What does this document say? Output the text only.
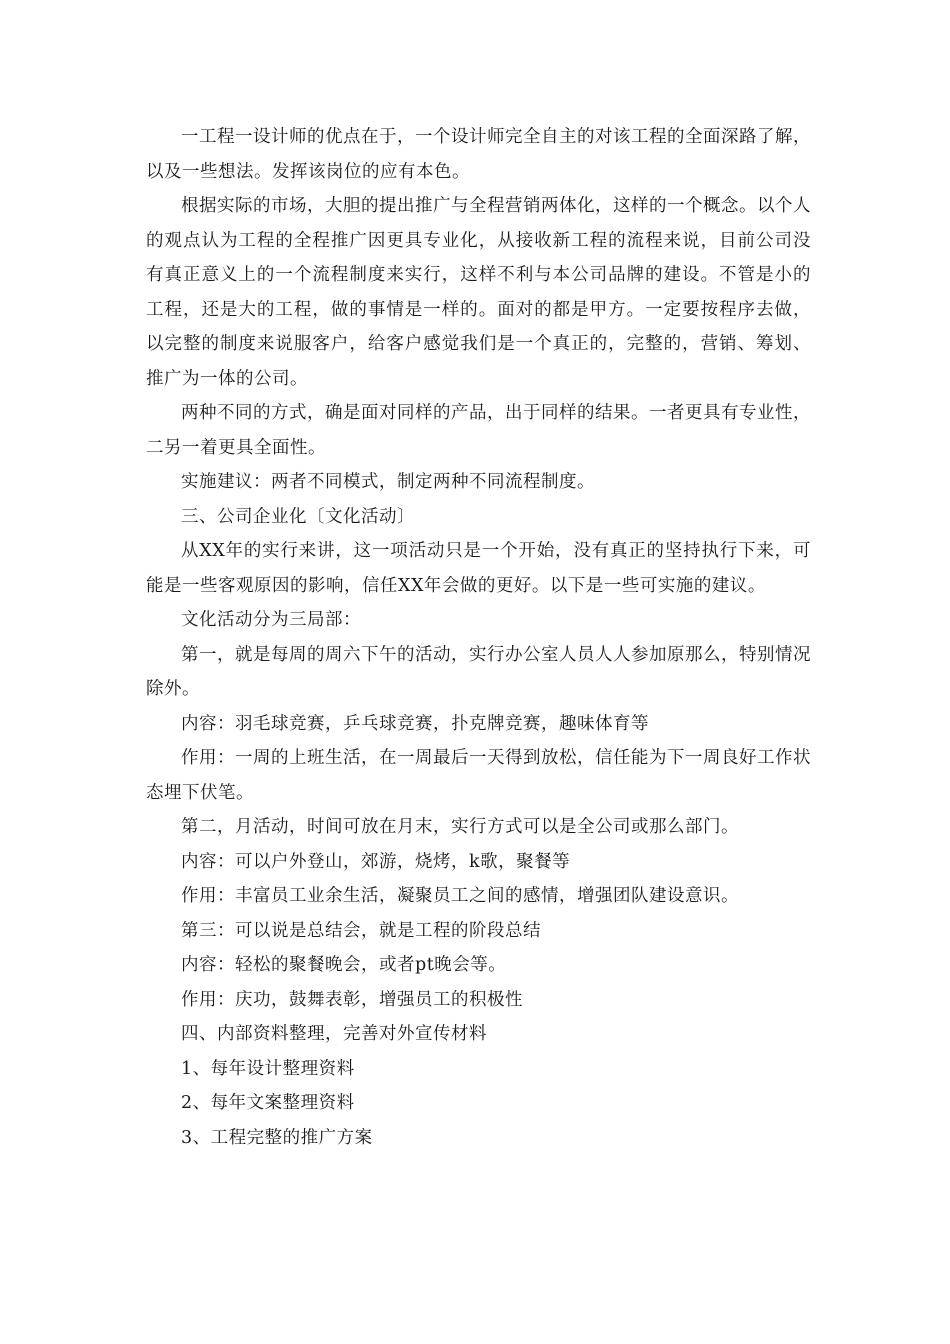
一工程一设计师的优点在于，一个设计师完全自主的对该工程的全面深路了解，以及一些想法。发挥该岗位的应有本色。

根据实际的市场，大胆的提出推广与全程营销两体化，这样的一个概念。以个人的观点认为工程的全程推广因更具专业化，从接收新工程的流程来说，目前公司没有真正意义上的一个流程制度来实行，这样不利与本公司品牌的建设。不管是小的工程，还是大的工程，做的事情是一样的。面对的都是甲方。一定要按程序去做，以完整的制度来说服客户，给客户感觉我们是一个真正的，完整的，营销、筹划、推广为一体的公司。

两种不同的方式，确是面对同样的产品，出于同样的结果。一者更具有专业性，二另一着更具全面性。

实施建议：两者不同模式，制定两种不同流程制度。

三、公司企业化〔文化活动〕

从XX年的实行来讲，这一项活动只是一个开始，没有真正的坚持执行下来，可能是一些客观原因的影响，信任XX年会做的更好。以下是一些可实施的建议。

文化活动分为三局部：

第一，就是每周的周六下午的活动，实行办公室人员人人参加原那么，特别情况除外。

内容：羽毛球竞赛，乒乓球竞赛，扑克牌竞赛，趣味体育等

作用：一周的上班生活，在一周最后一天得到放松，信任能为下一周良好工作状态埋下伏笔。

第二，月活动，时间可放在月末，实行方式可以是全公司或那么部门。

内容：可以户外登山，郊游，烧烤，k歌，聚餐等

作用：丰富员工业余生活，凝聚员工之间的感情，增强团队建设意识。

第三：可以说是总结会，就是工程的阶段总结

内容：轻松的聚餐晚会，或者pt晚会等。

作用：庆功，鼓舞表彰，增强员工的积极性

四、内部资料整理，完善对外宣传材料

1、每年设计整理资料

2、每年文案整理资料

3、工程完整的推广方案
